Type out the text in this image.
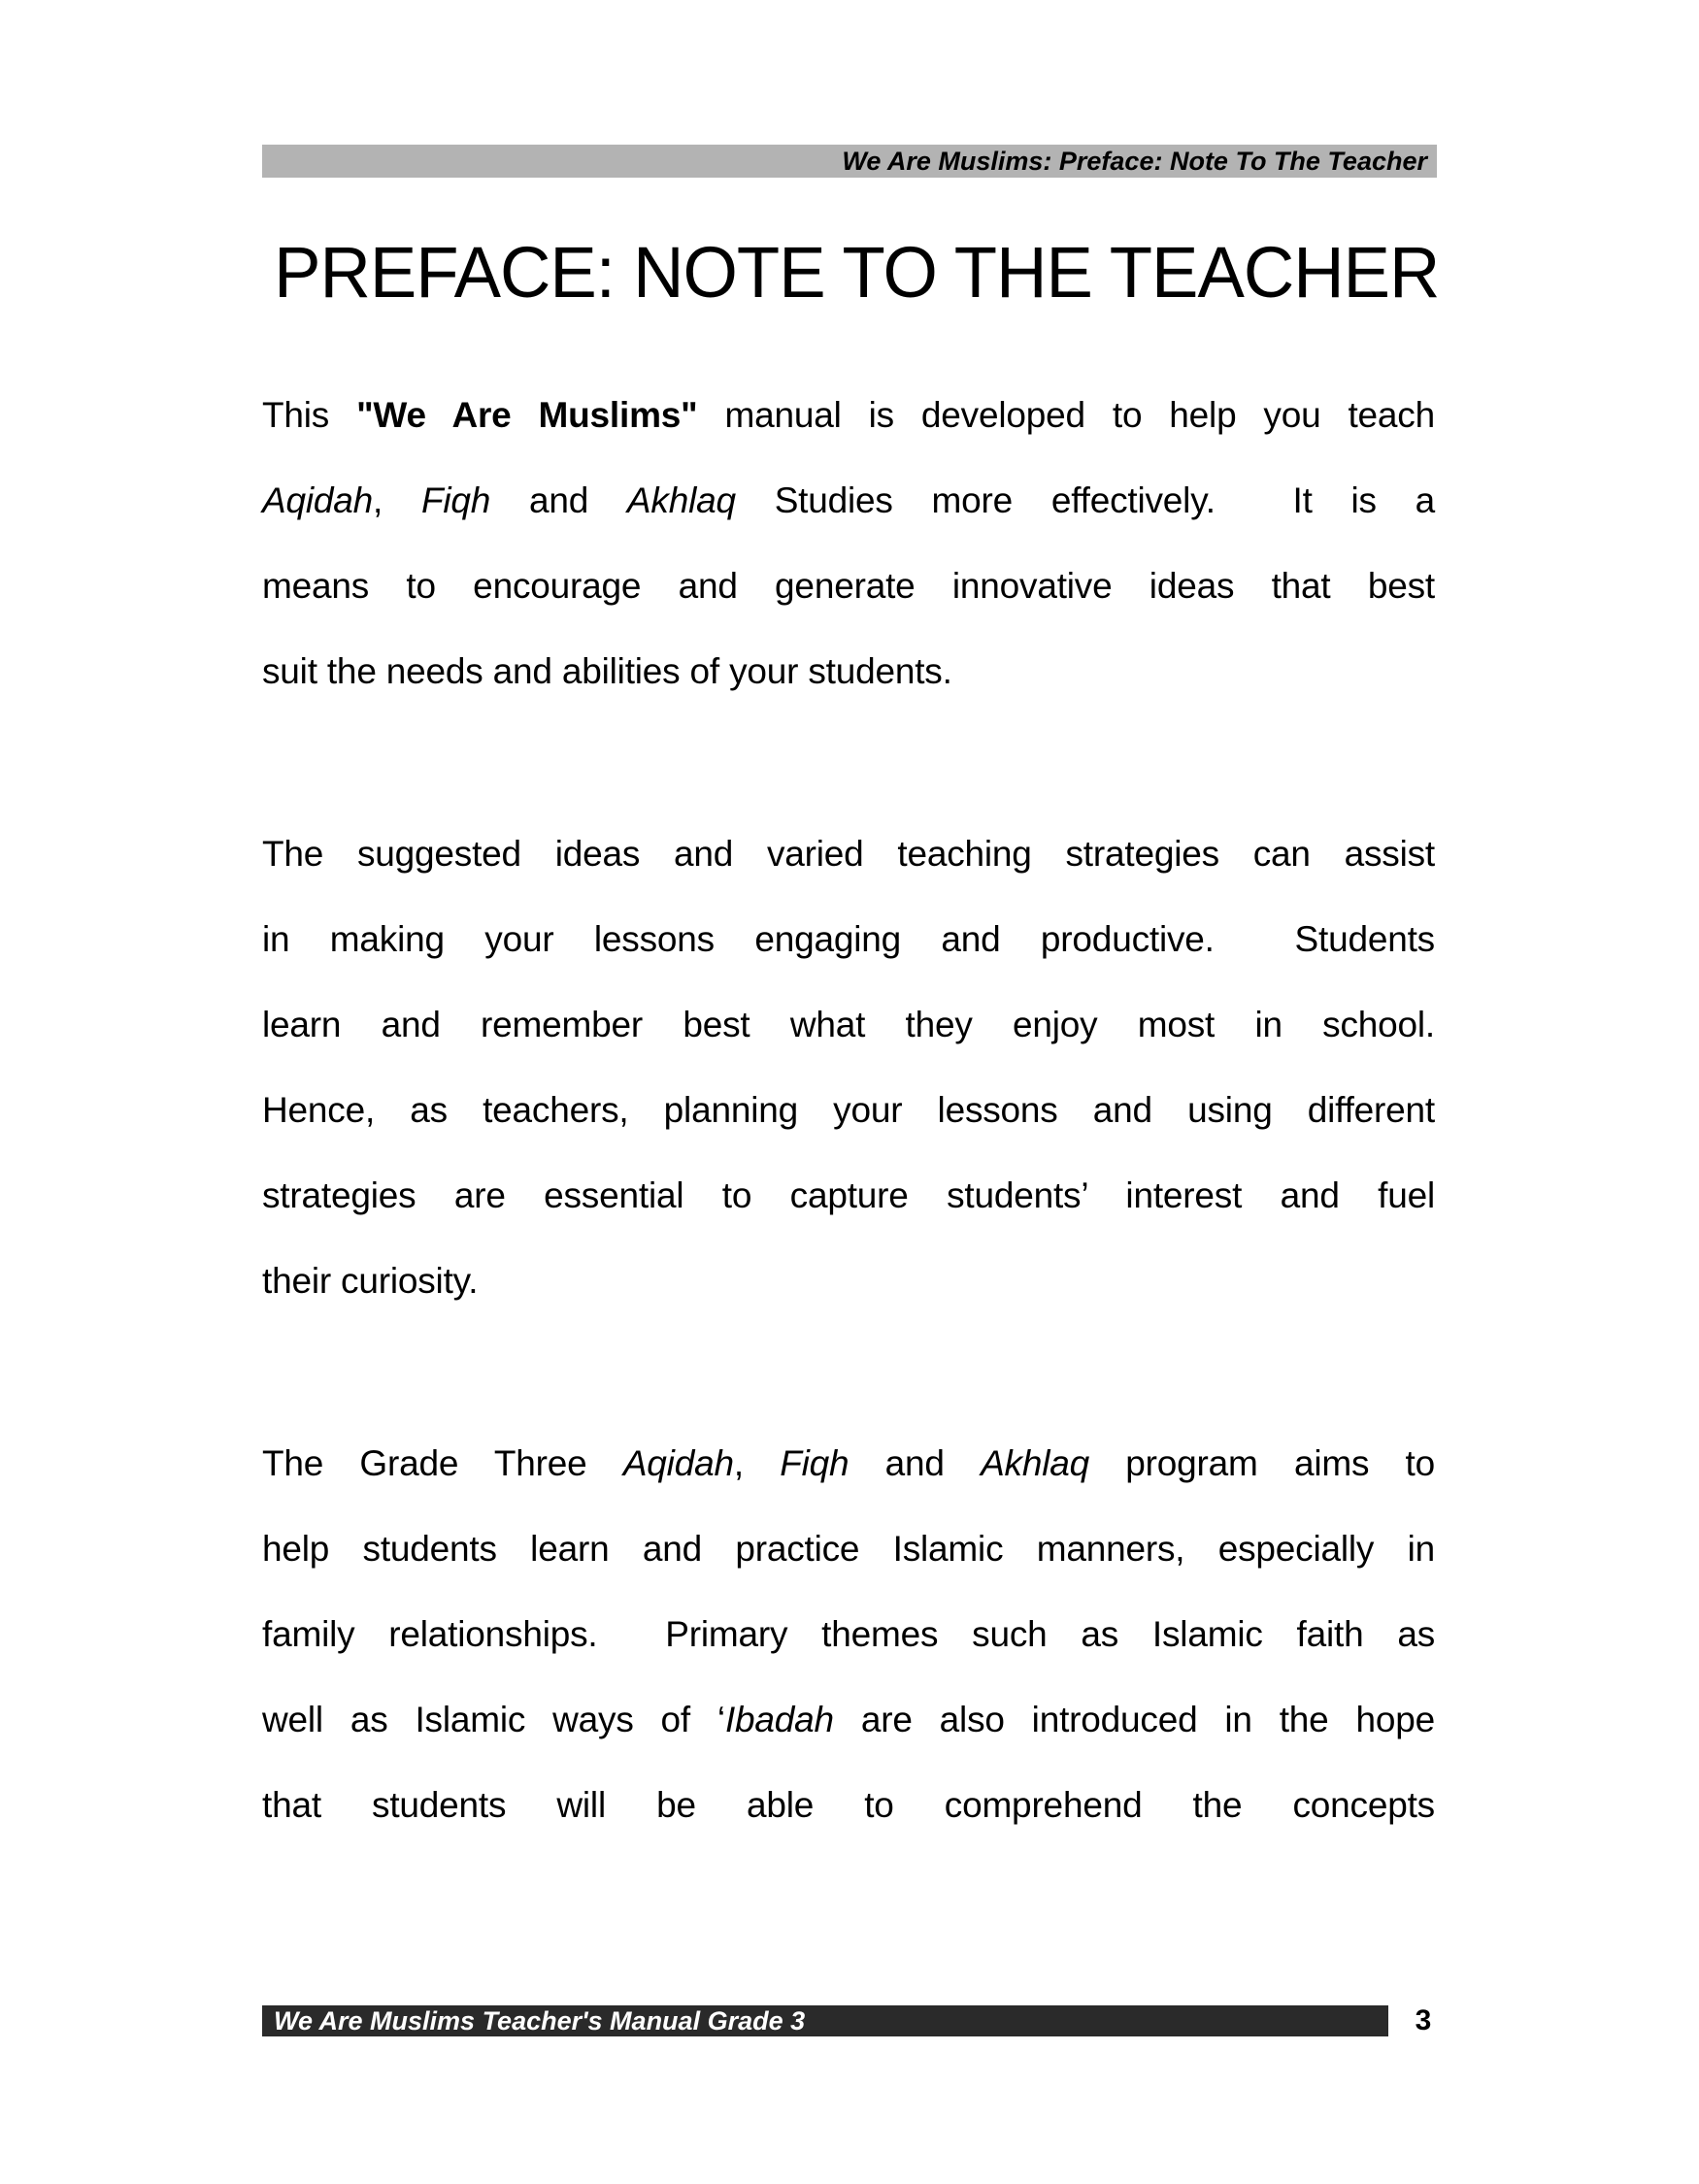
We Are Muslims: Preface: Note To The Teacher
PREFACE: NOTE TO THE TEACHER
This "We Are Muslims" manual is developed to help you teach
Aqidah, Fiqh and Akhlaq Studies more effectively.  It is a
means to encourage and generate innovative ideas that best
suit the needs and abilities of your students.
The suggested ideas and varied teaching strategies can assist
in making your lessons engaging and productive.  Students
learn and remember best what they enjoy most in school.
Hence, as teachers, planning your lessons and using different
strategies are essential to capture students’ interest and fuel
their curiosity.
The Grade Three Aqidah, Fiqh and Akhlaq program aims to
help students learn and practice Islamic manners, especially in
family relationships.  Primary themes such as Islamic faith as
well as Islamic ways of ‘Ibadah are also introduced in the hope
that students will be able to comprehend the concepts
We Are Muslims Teacher's Manual Grade 3	3
